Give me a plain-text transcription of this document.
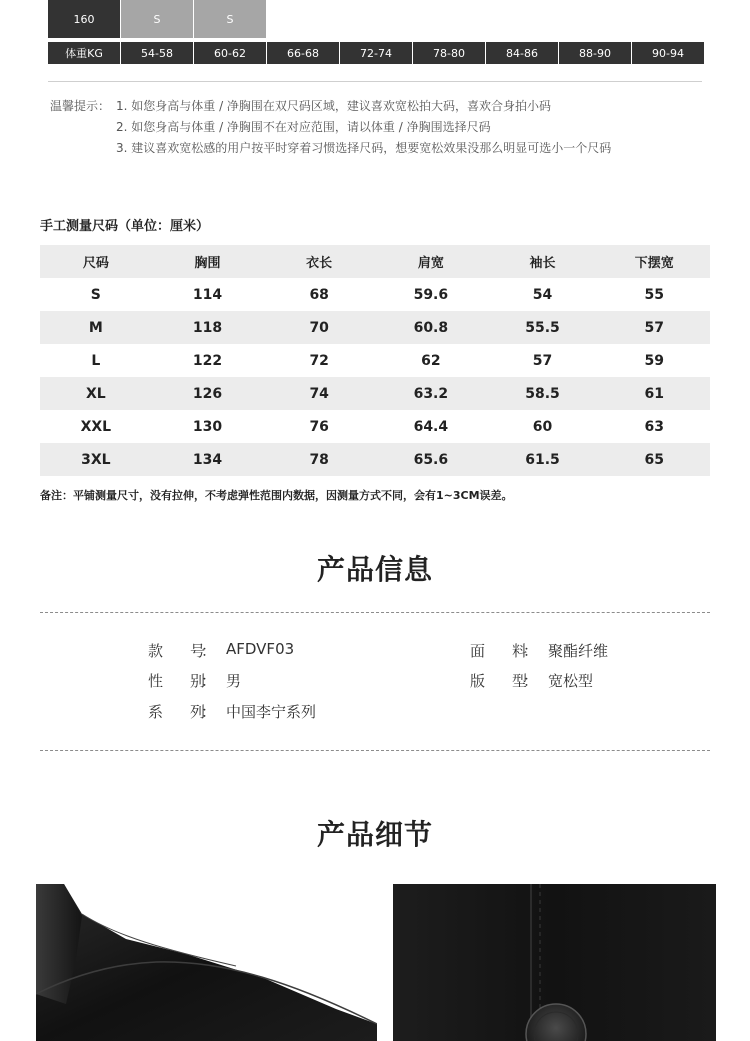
160	S	S
体重KG	54-58	60-62	66-68	72-74	78-80	84-86	88-90	90-94
温馨提示： 1. 如您身高与体重 / 净胸围在双尺码区域，建议喜欢宽松拍大码，喜欢合身拍小码
2. 如您身高与体重 / 净胸围不在对应范围，请以体重 / 净胸围选择尺码
3. 建议喜欢宽松感的用户按平时穿着习惯选择尺码，想要宽松效果没那么明显可选小一个尺码
手工测量尺码（单位：厘米）
尺码	胸围	衣长	肩宽	袖长	下摆宽
S	114	68	59.6	54	55
M	118	70	60.8	55.5	57
L	122	72	62	57	59
XL	126	74	63.2	58.5	61
XXL	130	76	64.4	60	63
3XL	134	78	65.6	61.5	65
备注：平铺测量尺寸，没有拉伸，不考虑弹性范围内数据，因测量方式不同，会有1~3CM误差。
产品信息
款 号： AFDVF03	面 料： 聚酯纤维
性 别： 男	版 型： 宽松型
系 列： 中国李宁系列
产品细节
